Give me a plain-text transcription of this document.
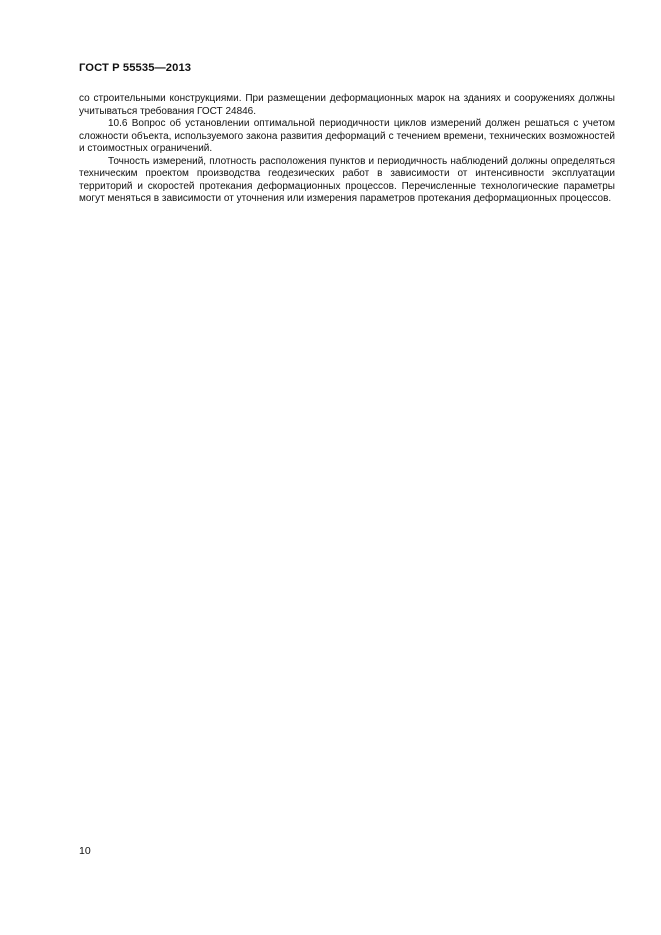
ГОСТ Р 55535—2013

со строительными конструкциями. При размещении деформационных марок на зданиях и сооружениях должны учитываться требования ГОСТ 24846.

10.6 Вопрос об установлении оптимальной периодичности циклов измерений должен решаться с учетом сложности объекта, используемого закона развития деформаций с течением времени, технических возможностей и стоимостных ограничений.

Точность измерений, плотность расположения пунктов и периодичность наблюдений должны определяться техническим проектом производства геодезических работ в зависимости от интенсивности эксплуатации территорий и скоростей протекания деформационных процессов. Перечисленные технологические параметры могут меняться в зависимости от уточнения или измерения параметров протекания деформационных процессов.

10
